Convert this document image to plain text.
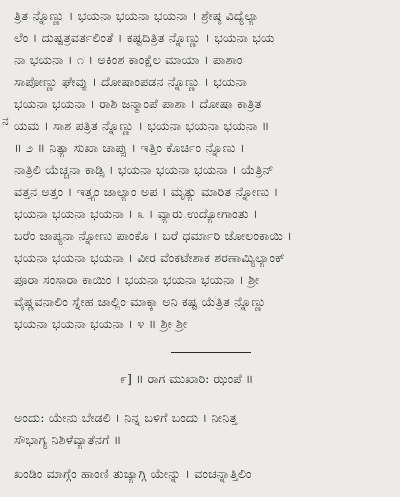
ನ
ತ್ರಿತ ನ್ನೊಣ್ಣು । ಭಯನಾ ಭಯನಾ ಭಯನಾ । ಶ್ರೇಷ್ಠ ವಿದ್ಯೆಲ್ಯಾ
ಲೆಂ । ದುಷ್ಪತ್ರವರ್ತಲಿಂತೆ । ಕಷ್ಟದಿತ್ರಿತ ನ್ನೊಣ್ಣು । ಭಯನಾ ಭಯ
ನಾ ಭಯನಾ । ೧ । ಅಕಿಂಶ ಕಾಂಕ್ಷೆಲ ಮಾಯಾ । ಪಾಶಾಂ
ಸಾಪೋಣ್ಣು ಘೇವ್ಯು । ದೋಷಾಂಪಡನ ನ್ನೊಣ್ಣು । ಭಯನಾ
ಭಯನಾ ಭಯನಾ । ರಾಶಿ ಜನ್ಮಾಂಪೆ ಪಾಶಾ । ದೋಷಾ ಕಾತ್ರಿತ
ಯಮ । ಸಾಶ ಪತ್ರಿತ ನ್ನೊಣ್ಣು । ಭಯನಾ ಭಯನಾ ಭಯನಾ ॥
॥ ೨ ॥ ನಿತ್ಯಾ ಸುಖಾ ಚಾಪ್ಸು । ಇತ್ತಿಂ ಕೊರ್ಚಿಂ ನ್ನೊಣು ।
ನಾತ್ರಿಲಿ ಯೆಚ್ಚನಾ ಕಾಡ್ಸಿ । ಭಯನಾ ಭಯನಾ ಭಯನಾ । ಯೆತ್ರಿನ್
ವತ್ತನ ಅತ್ತಂ । ಇತ್ತ್ಯಂ ಜಾಲ್ಯಾಂ ಅಪ । ಮೃತ್ಯು ಮಾರಿತ ನ್ನೋಣು ।
ಭಯನಾ ಭಯನಾ ಭಯನಾ । ೩ । ವ್ಯಾರು ಉದ್ಯೋಗಾಂತು ।
ಬರೆಂ ಜಾಪ್ಯನಾ ನ್ನೋಣು ಪಾಂಕೊ । ಬರೆ ಧರ್ಮಾರಿ ಜೋಲಂಕಾಯಿ ।
ಭಯನಾ ಭಯನಾ ಭಯನಾ । ವೀರ ವೆಂಕಟೇಶಾಕ ಶರಣಾಮ್ಯಿಲ್ಯಾಂಕ್
ಪೂರಾ ಸಂಸಾರಾ ಕಾಯಿಂ । ಭಯನಾ ಭಯನಾ ಭಯನಾ । ಶ್ರೀ
ವೈಷ್ಣವನಾಲಿಂ ಸ್ನೇಹ ಜಾಲ್ಲಿಂ ಮಾಕ್ಕಾ ಅನಿ ಕಷ್ಟ ಯೆತ್ರಿತ ನ್ನೊಣ್ಣು
ಭಯನಾ ಭಯನಾ ಭಯನಾ । ೪ ॥ ಶ್ರೀ ಶ್ರೀ
೯] ॥ ರಾಗ ಮುಖಾರಿ: ಝಂಪೆ ॥
ಅಂದು: ಯೇನು ಬೇಡಲಿ । ನಿನ್ನ ಬಳಿಗೆ ಬಂದು । ನೀನಿತ್ತ
ಸೌಭಾಗ್ಯ ನಿಶಿಳೆವ್ಯಾತೆನಗೆ ॥
ಖಂಡಿಂ ಮಾಗ್ಗೆಂ ಹಾಂಣಿ ತುಜ್ಯಾಗ್ಗಿ ಯೇನ್ನು । ವಂಚನ್ನಾತ್ತಿಲಿಂ
